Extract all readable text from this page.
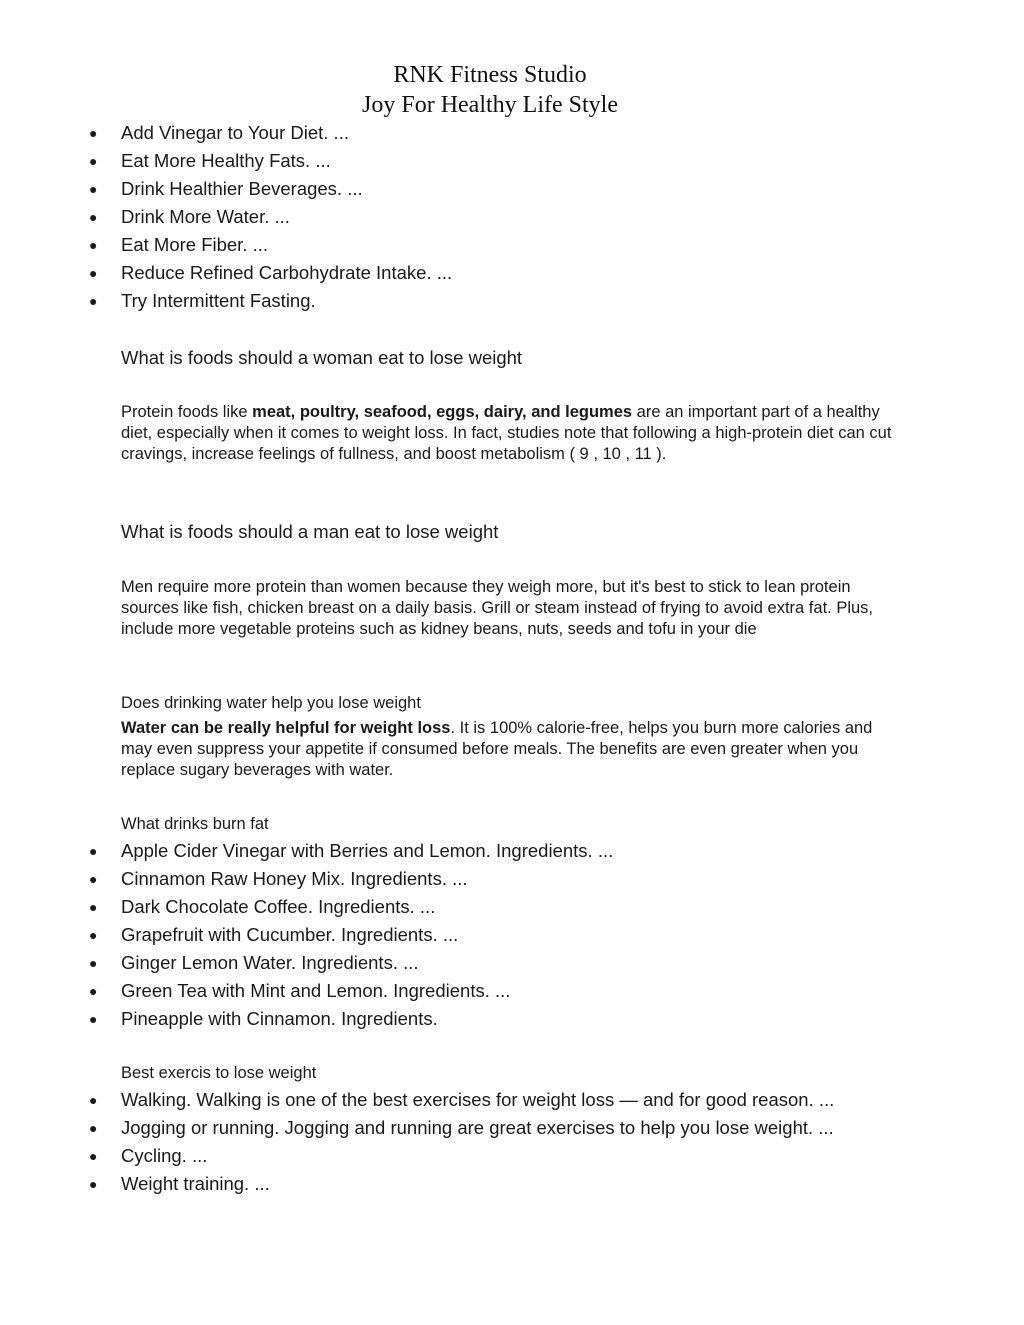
RNK Fitness Studio
Joy For Healthy Life Style
● Add Vinegar to Your Diet. ...
● Eat More Healthy Fats. ...
● Drink Healthier Beverages. ...
● Drink More Water. ...
● Eat More Fiber. ...
● Reduce Refined Carbohydrate Intake. ...
● Try Intermittent Fasting.
What is foods should a woman eat to lose weight
Protein foods like meat, poultry, seafood, eggs, dairy, and legumes are an important part of a healthy diet, especially when it comes to weight loss. In fact, studies note that following a high-protein diet can cut cravings, increase feelings of fullness, and boost metabolism ( 9 , 10 , 11 ).
What is foods should a man eat to lose weight
Men require more protein than women because they weigh more, but it's best to stick to lean protein sources like fish, chicken breast on a daily basis. Grill or steam instead of frying to avoid extra fat. Plus, include more vegetable proteins such as kidney beans, nuts, seeds and tofu in your die
Does drinking water help you lose weight
Water can be really helpful for weight loss. It is 100% calorie-free, helps you burn more calories and may even suppress your appetite if consumed before meals. The benefits are even greater when you replace sugary beverages with water.
What drinks burn fat
● Apple Cider Vinegar with Berries and Lemon. Ingredients. ...
● Cinnamon Raw Honey Mix. Ingredients. ...
● Dark Chocolate Coffee. Ingredients. ...
● Grapefruit with Cucumber. Ingredients. ...
● Ginger Lemon Water. Ingredients. ...
● Green Tea with Mint and Lemon. Ingredients. ...
● Pineapple with Cinnamon. Ingredients.
Best exercis to lose weight
● Walking. Walking is one of the best exercises for weight loss — and for good reason. ...
● Jogging or running. Jogging and running are great exercises to help you lose weight. ...
● Cycling. ...
● Weight training. ...
